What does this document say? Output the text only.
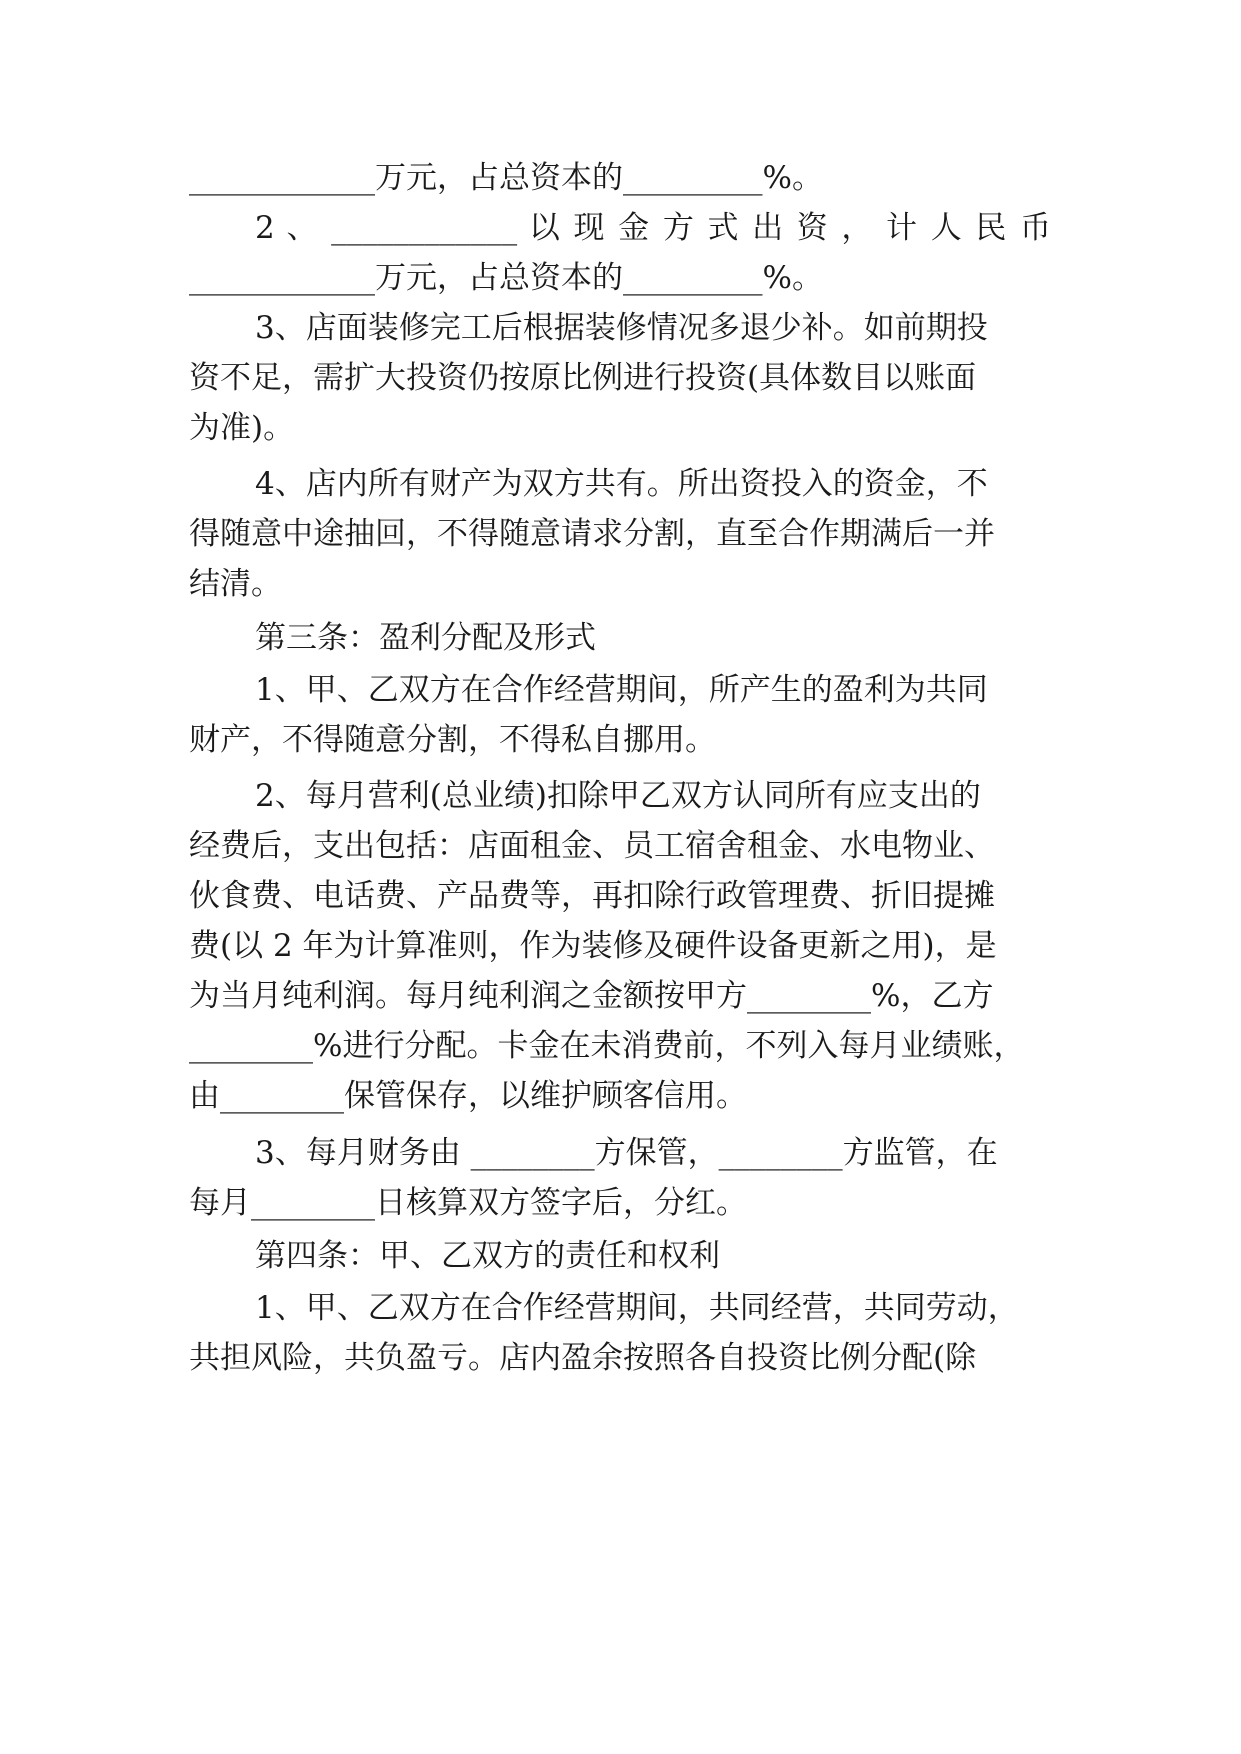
____________万元，占总资本的_________%。
2 、 ____________ 以 现 金 方 式 出 资 ， 计 人 民 币
____________万元，占总资本的_________%。
3、店面装修完工后根据装修情况多退少补。如前期投
资不足，需扩大投资仍按原比例进行投资(具体数目以账面
为准)。
4、店内所有财产为双方共有。所出资投入的资金，不
得随意中途抽回，不得随意请求分割，直至合作期满后一并
结清。
第三条：盈利分配及形式
1、甲、乙双方在合作经营期间，所产生的盈利为共同
财产，不得随意分割，不得私自挪用。
2、每月营利(总业绩)扣除甲乙双方认同所有应支出的
经费后，支出包括：店面租金、员工宿舍租金、水电物业、
伙食费、电话费、产品费等，再扣除行政管理费、折旧提摊
费(以 2 年为计算准则，作为装修及硬件设备更新之用)，是
为当月纯利润。每月纯利润之金额按甲方________%，乙方
________%进行分配。卡金在未消费前，不列入每月业绩账，
由________保管保存，以维护顾客信用。
3、每月财务由 ________方保管，________方监管，在
每月________日核算双方签字后，分红。
第四条：甲、乙双方的责任和权利
1、甲、乙双方在合作经营期间，共同经营，共同劳动，
共担风险，共负盈亏。店内盈余按照各自投资比例分配(除
